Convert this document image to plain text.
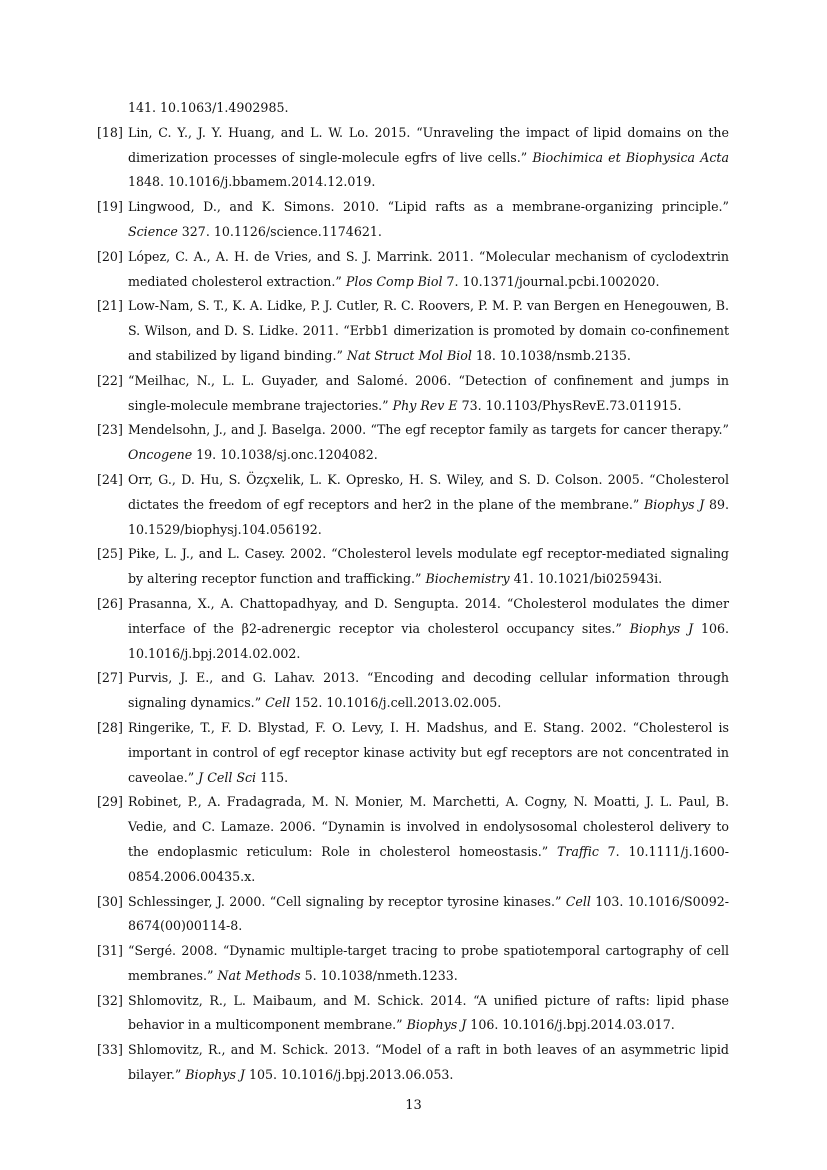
141. 10.1063/1.4902985.

[18] Lin, C. Y., J. Y. Huang, and L. W. Lo. 2015. “Unraveling the impact of lipid domains on the dimerization processes of single-molecule egfrs of live cells.” Biochimica et Biophysica Acta 1848. 10.1016/j.bbamem.2014.12.019.

[19] Lingwood, D., and K. Simons. 2010. “Lipid rafts as a membrane-organizing principle.” Science 327. 10.1126/science.1174621.

[20] López, C. A., A. H. de Vries, and S. J. Marrink. 2011. “Molecular mechanism of cyclodextrin mediated cholesterol extraction.” Plos Comp Biol 7. 10.1371/journal.pcbi.1002020.

[21] Low-Nam, S. T., K. A. Lidke, P. J. Cutler, R. C. Roovers, P. M. P. van Bergen en Henegouwen, B. S. Wilson, and D. S. Lidke. 2011. “Erbb1 dimerization is promoted by domain co-confinement and stabilized by ligand binding.” Nat Struct Mol Biol 18. 10.1038/nsmb.2135.

[22] “Meilhac, N., L. L. Guyader, and Salomé. 2006. “Detection of confinement and jumps in single-molecule membrane trajectories.” Phy Rev E 73. 10.1103/PhysRevE.73.011915.

[23] Mendelsohn, J., and J. Baselga. 2000. “The egf receptor family as targets for cancer therapy.” Oncogene 19. 10.1038/sj.onc.1204082.

[24] Orr, G., D. Hu, S. Özçxelik, L. K. Opresko, H. S. Wiley, and S. D. Colson. 2005. “Cholesterol dictates the freedom of egf receptors and her2 in the plane of the membrane.” Biophys J 89. 10.1529/biophysj.104.056192.

[25] Pike, L. J., and L. Casey. 2002. “Cholesterol levels modulate egf receptor-mediated signaling by altering receptor function and trafficking.” Biochemistry 41. 10.1021/bi025943i.

[26] Prasanna, X., A. Chattopadhyay, and D. Sengupta. 2014. “Cholesterol modulates the dimer interface of the β2-adrenergic receptor via cholesterol occupancy sites.” Biophys J 106. 10.1016/j.bpj.2014.02.002.

[27] Purvis, J. E., and G. Lahav. 2013. “Encoding and decoding cellular information through signaling dynamics.” Cell 152. 10.1016/j.cell.2013.02.005.

[28] Ringerike, T., F. D. Blystad, F. O. Levy, I. H. Madshus, and E. Stang. 2002. “Cholesterol is important in control of egf receptor kinase activity but egf receptors are not concentrated in caveolae.” J Cell Sci 115.

[29] Robinet, P., A. Fradagrada, M. N. Monier, M. Marchetti, A. Cogny, N. Moatti, J. L. Paul, B. Vedie, and C. Lamaze. 2006. “Dynamin is involved in endolysosomal cholesterol delivery to the endoplasmic reticulum: Role in cholesterol homeostasis.” Traffic 7. 10.1111/j.1600-0854.2006.00435.x.

[30] Schlessinger, J. 2000. “Cell signaling by receptor tyrosine kinases.” Cell 103. 10.1016/S0092-8674(00)00114-8.

[31] “Sergé. 2008. “Dynamic multiple-target tracing to probe spatiotemporal cartography of cell membranes.” Nat Methods 5. 10.1038/nmeth.1233.

[32] Shlomovitz, R., L. Maibaum, and M. Schick. 2014. “A unified picture of rafts: lipid phase behavior in a multicomponent membrane.” Biophys J 106. 10.1016/j.bpj.2014.03.017.

[33] Shlomovitz, R., and M. Schick. 2013. “Model of a raft in both leaves of an asymmetric lipid bilayer.” Biophys J 105. 10.1016/j.bpj.2013.06.053.

13
